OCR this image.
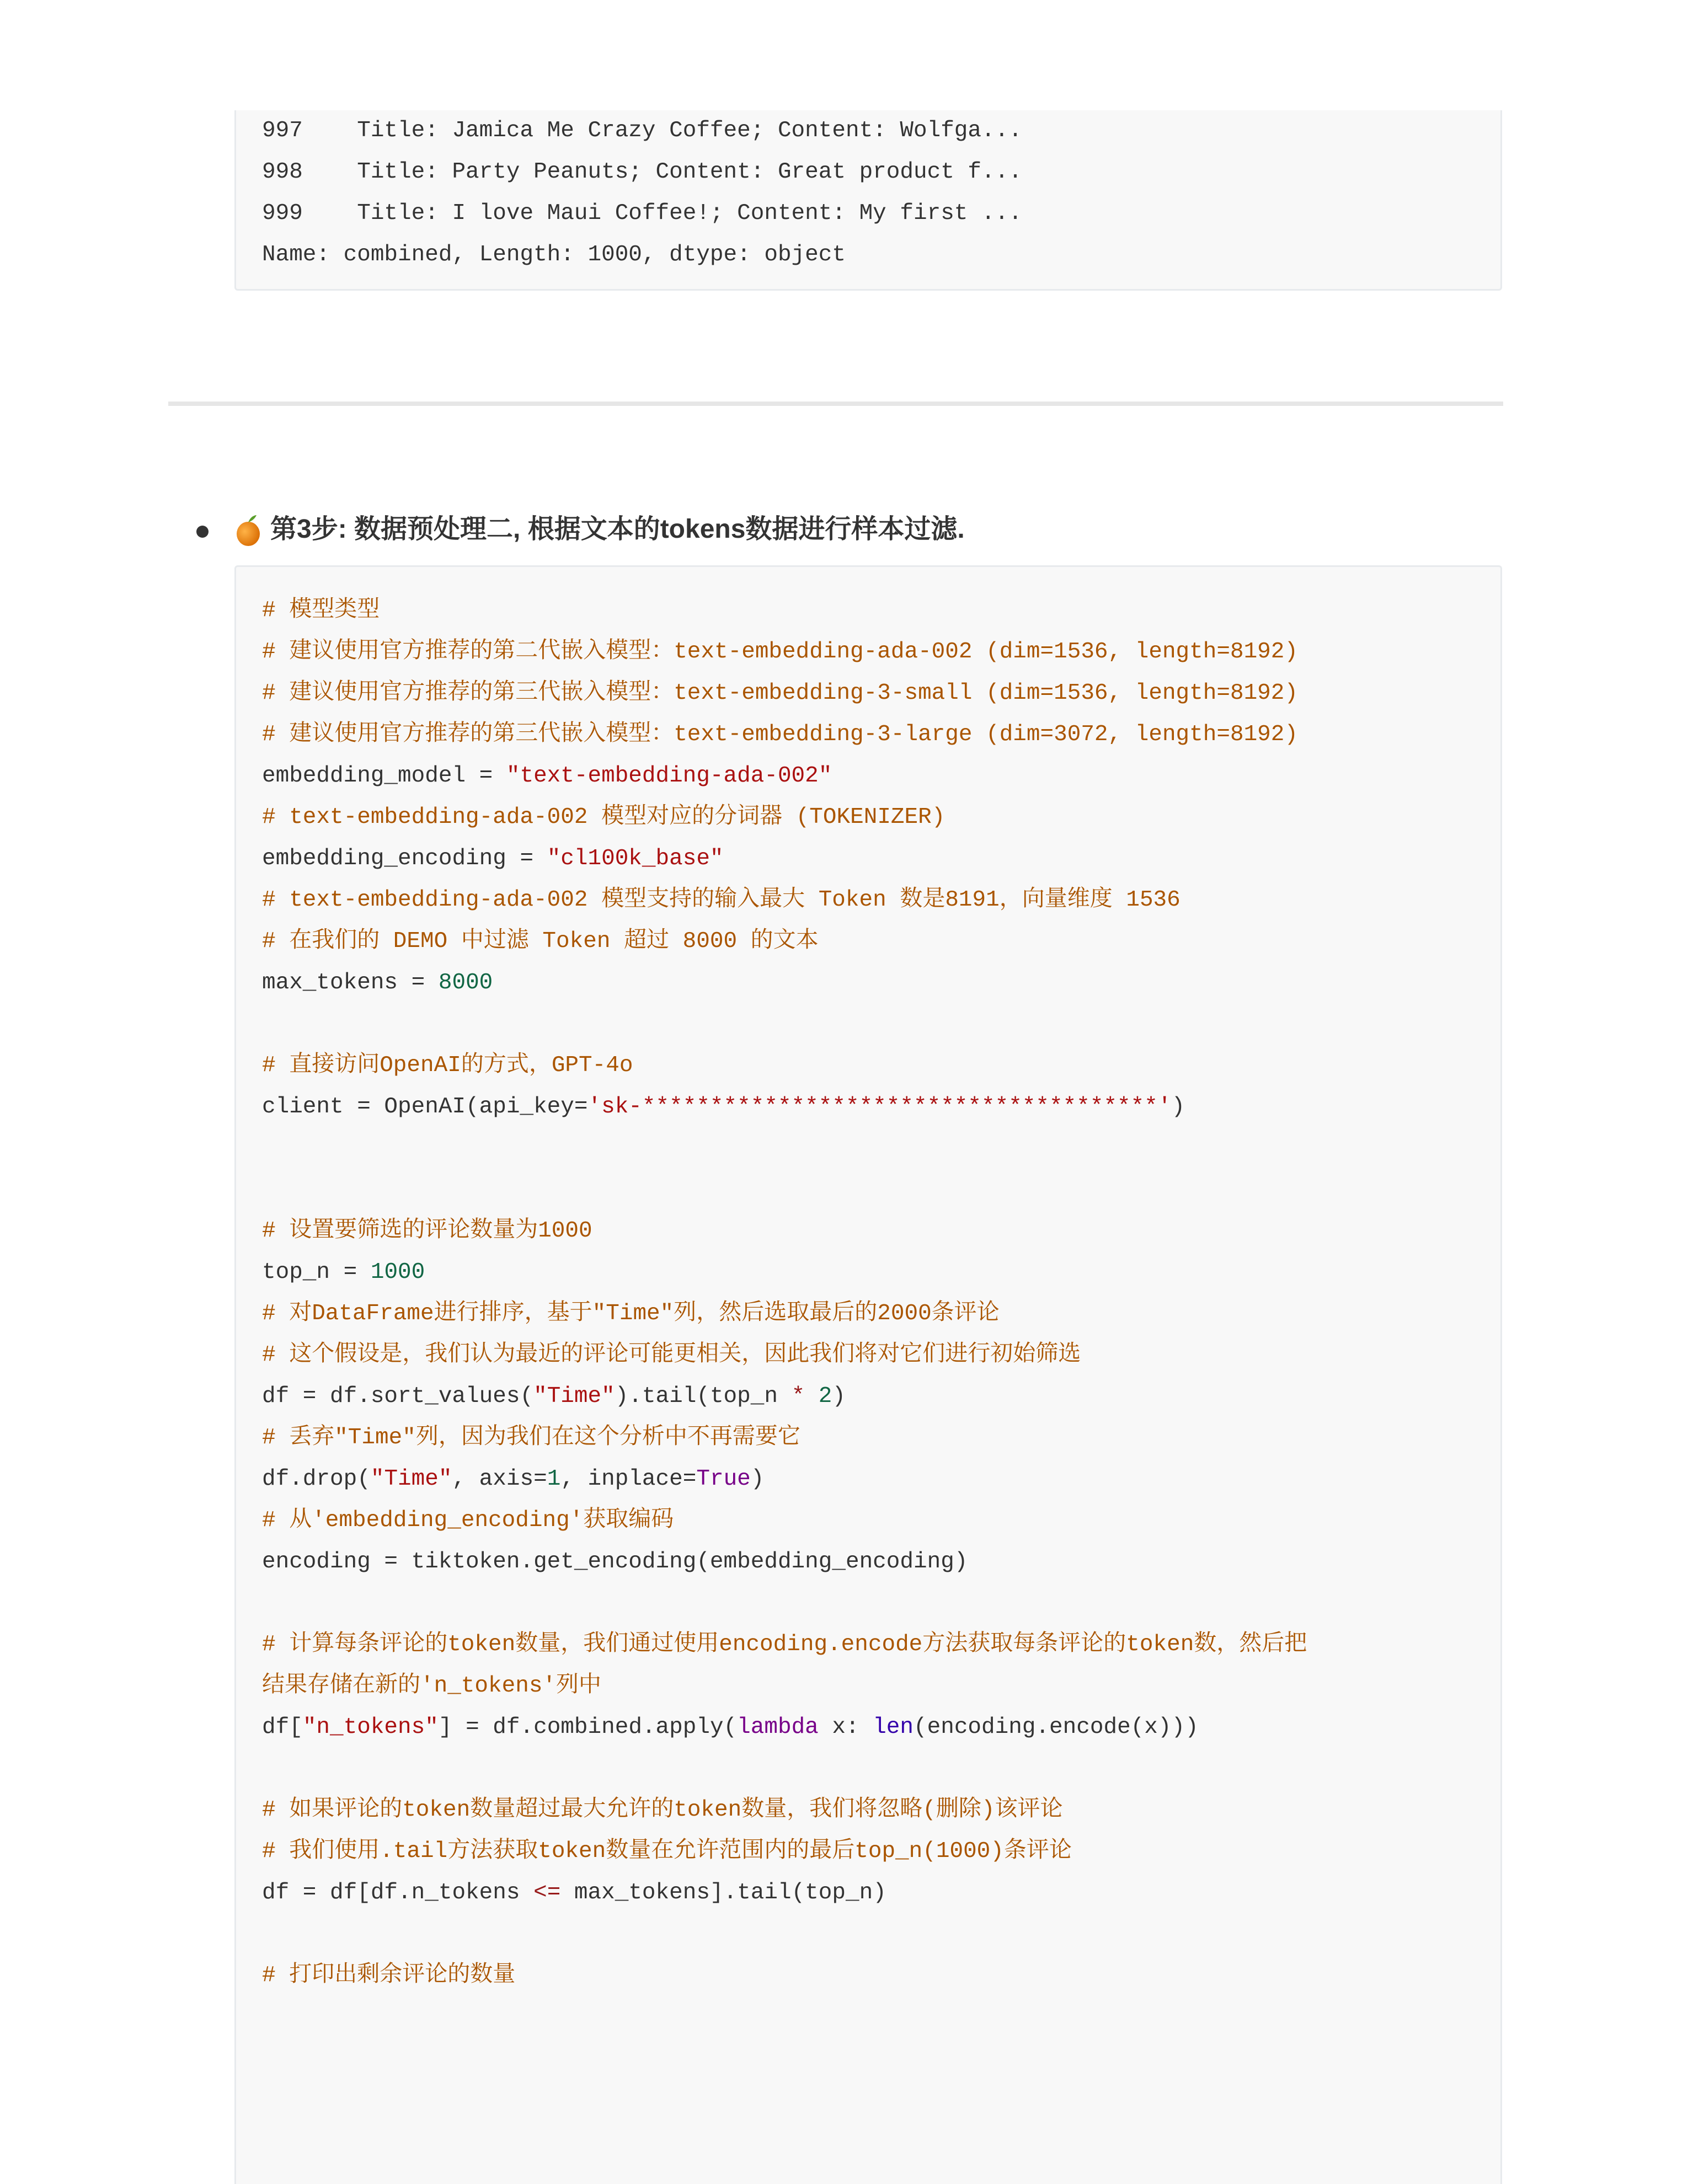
997    Title: Jamica Me Crazy Coffee; Content: Wolfga...
998    Title: Party Peanuts; Content: Great product f...
999    Title: I love Maui Coffee!; Content: My first ...
Name: combined, Length: 1000, dtype: object
第3步: 数据预处理二, 根据文本的tokens数据进行样本过滤.
# 模型类型
# 建议使用官方推荐的第二代嵌入模型：text-embedding-ada-002 (dim=1536, length=8192)
# 建议使用官方推荐的第三代嵌入模型：text-embedding-3-small (dim=1536, length=8192)
# 建议使用官方推荐的第三代嵌入模型：text-embedding-3-large (dim=3072, length=8192)
embedding_model = "text-embedding-ada-002"
# text-embedding-ada-002 模型对应的分词器 (TOKENIZER)
embedding_encoding = "cl100k_base"
# text-embedding-ada-002 模型支持的输入最大 Token 数是8191，向量维度 1536
# 在我们的 DEMO 中过滤 Token 超过 8000 的文本
max_tokens = 8000
# 直接访问OpenAI的方式，GPT-4o
client = OpenAI(api_key='sk-**************************************')
# 设置要筛选的评论数量为1000
top_n = 1000
# 对DataFrame进行排序，基于"Time"列，然后选取最后的2000条评论
# 这个假设是，我们认为最近的评论可能更相关，因此我们将对它们进行初始筛选
df = df.sort_values("Time").tail(top_n * 2)
# 丢弃"Time"列，因为我们在这个分析中不再需要它
df.drop("Time", axis=1, inplace=True)
# 从'embedding_encoding'获取编码
encoding = tiktoken.get_encoding(embedding_encoding)
# 计算每条评论的token数量，我们通过使用encoding.encode方法获取每条评论的token数，然后把
结果存储在新的'n_tokens'列中
df["n_tokens"] = df.combined.apply(lambda x: len(encoding.encode(x)))
# 如果评论的token数量超过最大允许的token数量，我们将忽略(删除)该评论
# 我们使用.tail方法获取token数量在允许范围内的最后top_n(1000)条评论
df = df[df.n_tokens <= max_tokens].tail(top_n)
# 打印出剩余评论的数量
